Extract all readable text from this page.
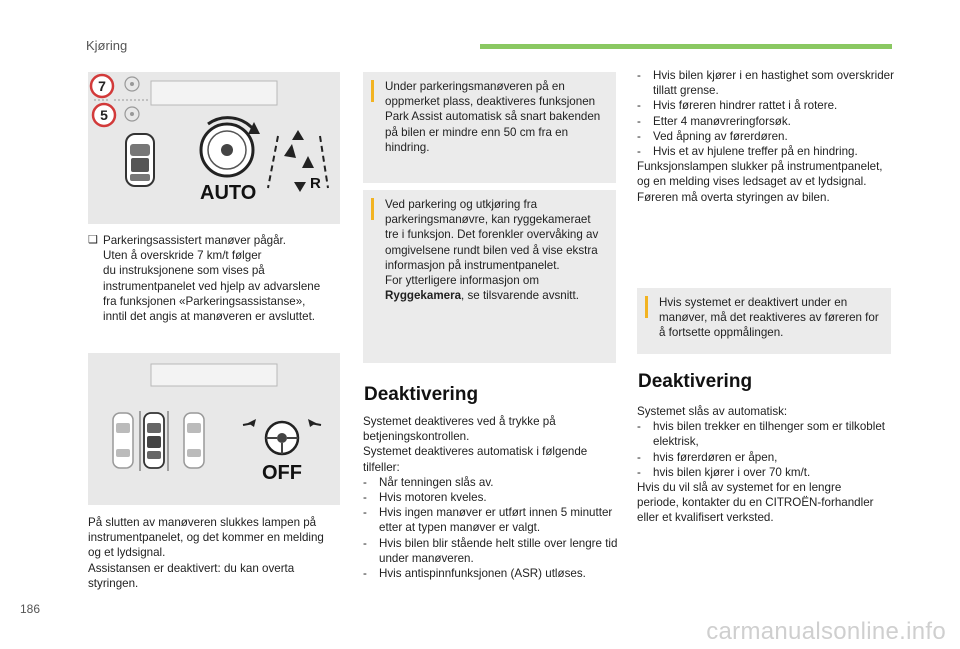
Kjøring
7
5
AUTO	R
❑ Parkeringsassistert manøver pågår.
Uten å overskride 7 km/t følger
du instruksjonene som vises på
instrumentpanelet ved hjelp av advarslene
fra funksjonen «Parkeringsassistanse»,
inntil det angis at manøveren er avsluttet.
OFF
På slutten av manøveren slukkes lampen på
instrumentpanelet, og det kommer en melding
og et lydsignal.
Assistansen er deaktivert: du kan overta
styringen.
Under parkeringsmanøveren på en
oppmerket plass, deaktiveres funksjonen
Park Assist automatisk så snart bakenden
på bilen er mindre enn 50 cm fra en
hindring.
Ved parkering og utkjøring fra
parkeringsmanøvre, kan ryggekameraet
tre i funksjon. Det forenkler overvåking av
omgivelsene rundt bilen ved å vise ekstra
informasjon på instrumentpanelet.
For ytterligere informasjon om
Ryggekamera, se tilsvarende avsnitt.
Deaktivering
Systemet deaktiveres ved å trykke på
betjeningskontrollen.
Systemet deaktiveres automatisk i følgende
tilfeller:
- Når tenningen slås av.
- Hvis motoren kveles.
- Hvis ingen manøver er utført innen 5 minutter etter at typen manøver er valgt.
- Hvis bilen blir stående helt stille over lengre tid under manøveren.
- Hvis antispinnfunksjonen (ASR) utløses.
- Hvis bilen kjører i en hastighet som overskrider tillatt grense.
- Hvis føreren hindrer rattet i å rotere.
- Etter 4 manøvreringforsøk.
- Ved åpning av førerdøren.
- Hvis et av hjulene treffer på en hindring.
Funksjonslampen slukker på instrumentpanelet,
og en melding vises ledsaget av et lydsignal.
Føreren må overta styringen av bilen.
Hvis systemet er deaktivert under en
manøver, må det reaktiveres av føreren for
å fortsette oppmålingen.
Deaktivering
Systemet slås av automatisk:
- hvis bilen trekker en tilhenger som er tilkoblet elektrisk,
- hvis førerdøren er åpen,
- hvis bilen kjører i over 70 km/t.
Hvis du vil slå av systemet for en lengre
periode, kontakter du en CITROËN-forhandler
eller et kvalifisert verksted.
186
carmanualsonline.info
